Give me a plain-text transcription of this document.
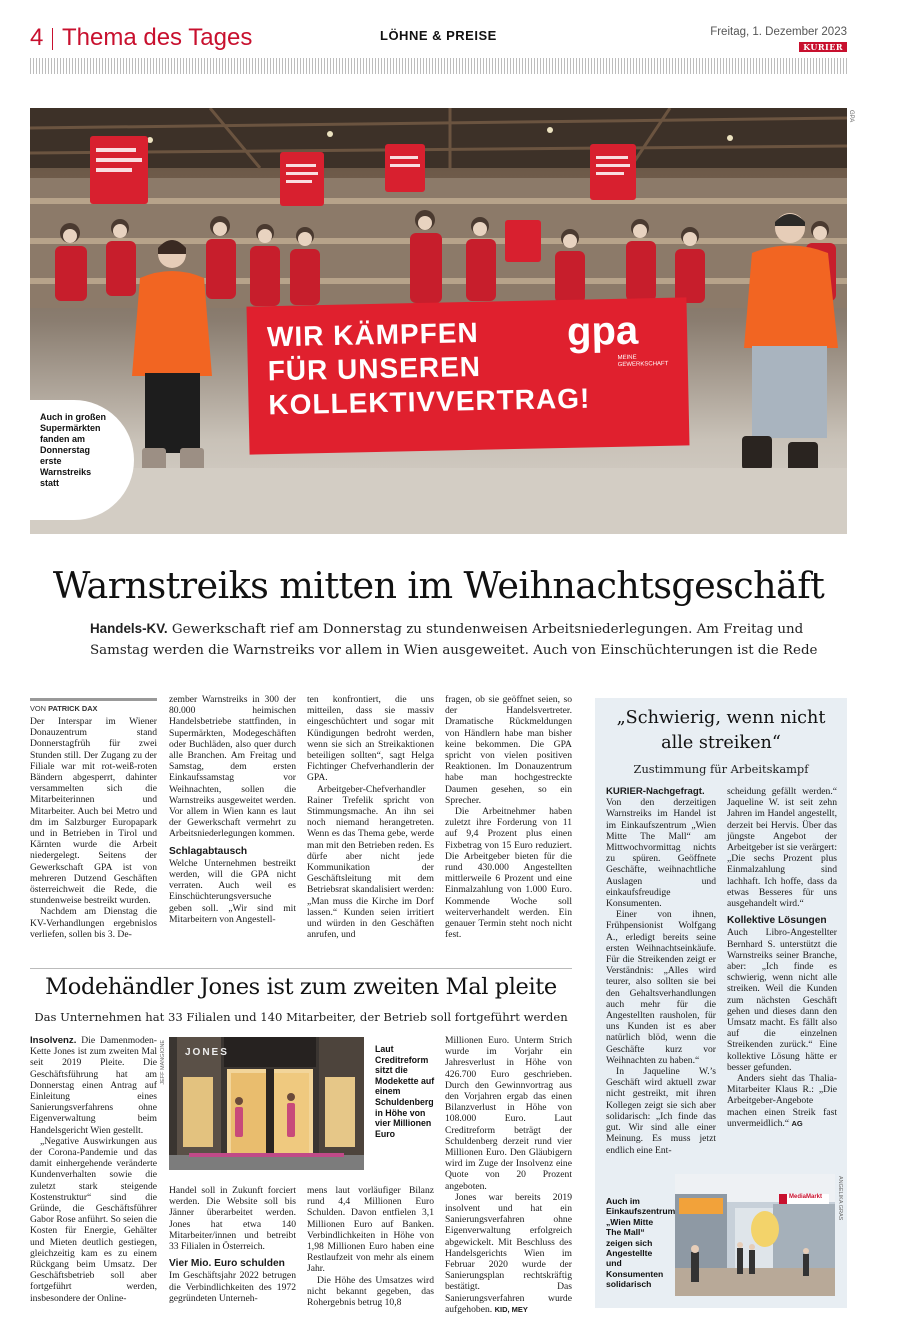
4 Thema des Tages	LÖHNE & PREISE	Freitag, 1. Dezember 2023
KURIER
WIR KÄMPFEN
FÜR UNSEREN
KOLLEKTIVVERTRAG!
gpa
MEINE GEWERKSCHAFT
Auch in großen Supermärkten fanden am Donnerstag erste Warnstreiks statt
GPA
Warnstreiks mitten im Weihnachtsgeschäft
Handels-KV. Gewerkschaft rief am Donnerstag zu stundenweisen Arbeitsniederlegungen. Am Freitag und Samstag werden die Warnstreiks vor allem in Wien ausgeweitet. Auch von Einschüchterungen ist die Rede
VON PATRICK DAX

Der Interspar im Wiener Donauzentrum stand Donnerstagfrüh für zwei Stunden still. Der Zugang zu der Filiale war mit rot-weiß-roten Bändern abgesperrt, dahinter versammelten sich die Mitarbeiterinnen und Mitarbeiter. Auch bei Metro und dm im Salzburger Europapark und in Betrieben in Tirol und Kärnten wurde die Arbeit niedergelegt. Seitens der Gewerkschaft GPA ist von mehreren Dutzend Geschäften österreichweit die Rede, die stundenweise bestreikt wurden.

Nachdem am Dienstag die KV-Verhandlungen ergebnislos verliefen, sollen bis 3. De-

zember Warnstreiks in 300 der 80.000 heimischen Handelsbetriebe stattfinden, in Supermärkten, Modegeschäften oder Buchläden, also quer durch alle Branchen. Am Freitag und Samstag, dem ersten Einkaufssamstag vor Weihnachten, sollen die Warnstreiks ausgeweitet werden. Vor allem in Wien kann es laut der Gewerkschaft vermehrt zu Arbeitsniederlegungen kommen.

Schlagabtausch

Welche Unternehmen bestreikt werden, will die GPA nicht verraten. Auch weil es Einschüchterungsversuche geben soll. „Wir sind mit Mitarbeitern von Angestell-

ten konfrontiert, die uns mitteilen, dass sie massiv eingeschüchtert und sogar mit Kündigungen bedroht werden, wenn sie sich an Streikaktionen beteiligen sollten“, sagt Helga Fichtinger Chefverhandlerin der GPA.

Arbeitgeber-Chefverhandler Rainer Trefelik spricht von Stimmungsmache. An ihn sei noch niemand herangetreten. Wenn es das Thema gebe, werde man mit den Betrieben reden. Es dürfe aber nicht jede Kommunikation der Geschäftsleitung mit dem Betriebsrat skandalisiert werden: „Man muss die Kirche im Dorf lassen.“ Kunden seien irritiert und würden in den Geschäften anrufen, und

fragen, ob sie geöffnet seien, so der Handelsvertreter. Dramatische Rückmeldungen von Händlern habe man bisher keine bekommen. Die GPA spricht von vielen positiven Reaktionen. Im Donauzentrum habe man hochgestreckte Daumen gesehen, so ein Sprecher.

Die Arbeitnehmer haben zuletzt ihre Forderung von 11 auf 9,4 Prozent plus einen Fixbetrag von 15 Euro reduziert. Die Arbeitgeber bieten für die rund 430.000 Angestellten mittlerweile 6 Prozent und eine Einmalzahlung von 1.000 Euro. Kommende Woche soll weiterverhandelt werden. Ein genauer Termin steht noch nicht fest.

Modehändler Jones ist zum zweiten Mal pleite
Das Unternehmen hat 33 Filialen und 140 Mitarbeiter, der Betrieb soll fortgeführt werden

Insolvenz. Die Damenmoden-Kette Jones ist zum zweiten Mal seit 2019 Pleite. Die Geschäftsführung hat am Donnerstag einen Antrag auf Einleitung eines Sanierungsverfahrens ohne Eigenverwaltung beim Handelsgericht Wien gestellt.

„Negative Auswirkungen aus der Corona-Pandemie und das damit einhergehende veränderte Kundenverhalten sowie die zuletzt stark steigende Kostenstruktur“ sind die Gründe, die Geschäftsführer Gabor Rose anführt. So seien die Kosten für Energie, Gehälter und Mieten deutlich gestiegen, gleichzeitig kam es zu einem Rückgang beim Umsatz. Der Geschäftsbetrieb soll aber fortgeführt werden, insbesondere der Online-

JONES
JEFF MANGIONE	Laut Creditreform sitzt die Modekette auf einem Schuldenberg in Höhe von vier Millionen Euro

Handel soll in Zukunft forciert werden. Die Website soll bis Jänner überarbeitet werden. Jones hat etwa 140 Mitarbeiter/innen und betreibt 33 Filialen in Österreich.

Vier Mio. Euro schulden

Im Geschäftsjahr 2022 betrugen die Verbindlichkeiten des 1972 gegründeten Unterneh-

mens laut vorläufiger Bilanz rund 4,4 Millionen Euro Schulden. Davon entfielen 3,1 Millionen Euro auf Banken. Verbindlichkeiten in Höhe von 1,98 Millionen Euro haben eine Restlaufzeit von mehr als einem Jahr.

Die Höhe des Umsatzes wird nicht bekannt gegeben, das Rohergebnis betrug 10,8

Millionen Euro. Unterm Strich wurde im Vorjahr ein Jahresverlust in Höhe von 426.700 Euro geschrieben. Durch den Gewinnvortrag aus den Vorjahren ergab das einen Bilanzverlust in Höhe von 108.000 Euro. Laut Creditreform beträgt der Schuldenberg derzeit rund vier Millionen Euro. Den Gläubigern wird im Zuge der Insolvenz eine Quote von 20 Prozent angeboten.

Jones war bereits 2019 insolvent und hat ein Sanierungsverfahren ohne Eigenverwaltung erfolgreich abgewickelt. Mit Beschluss des Handelsgerichts Wien im Februar 2020 wurde der Sanierungsplan rechtskräftig bestätigt. Das Sanierungsverfahren wurde aufgehoben. KID, MEY

„Schwierig, wenn nicht alle streiken“
Zustimmung für Arbeitskampf

KURIER-Nachgefragt. Von den derzeitigen Warnstreiks im Handel ist im Einkaufszentrum „Wien Mitte The Mall“ am Mittwochvormittag nichts zu spüren. Geöffnete Geschäfte, weihnachtliche Auslagen und einkaufsfreudige Konsumenten.

Einer von ihnen, Frühpensionist Wolfgang A., erledigt bereits seine ersten Weihnachtseinkäufe. Für die Streikenden zeigt er Verständnis: „Alles wird teurer, also sollten sie bei den Gehaltsverhandlungen auch mehr für die Angestellten rausholen, für uns Kunden ist es aber natürlich blöd, wenn die Geschäfte kurz vor Weihnachten zu haben.“

In Jaqueline W.’s Geschäft wird aktuell zwar nicht gestreikt, mit ihren Kollegen zeigt sie sich aber solidarisch: „Ich finde das gut. Wir sind alle einer Meinung. Es muss jetzt endlich eine Ent-

scheidung gefällt werden.“ Jaqueline W. ist seit zehn Jahren im Handel angestellt, derzeit bei Hervis. Über das jüngste Angebot der Arbeitgeber ist sie verärgert: „Die sechs Prozent plus Einmalzahlung sind lachhaft. Ich hoffe, dass da etwas Besseres für uns ausgehandelt wird.“

Kollektive Lösungen

Auch Libro-Angestellter Bernhard S. unterstützt die Warnstreiks seiner Branche, aber: „Ich finde es schwierig, wenn nicht alle streiken. Weil die Kunden zum nächsten Geschäft gehen und dieses dann den Umsatz macht. Es fällt also auf die einzelnen Streikenden zurück.“ Eine kollektive Lösung hätte er besser gefunden.

Anders sieht das Thalia-Mitarbeiter Klaus R.: „Die Arbeitgeber-Angebote machen einen Streik fast unvermeidlich.“ AG

MediaMarkt	ANGELIKA GRAS
Auch im Einkaufszentrum „Wien Mitte The Mall“ zeigen sich Angestellte und Konsumenten solidarisch
